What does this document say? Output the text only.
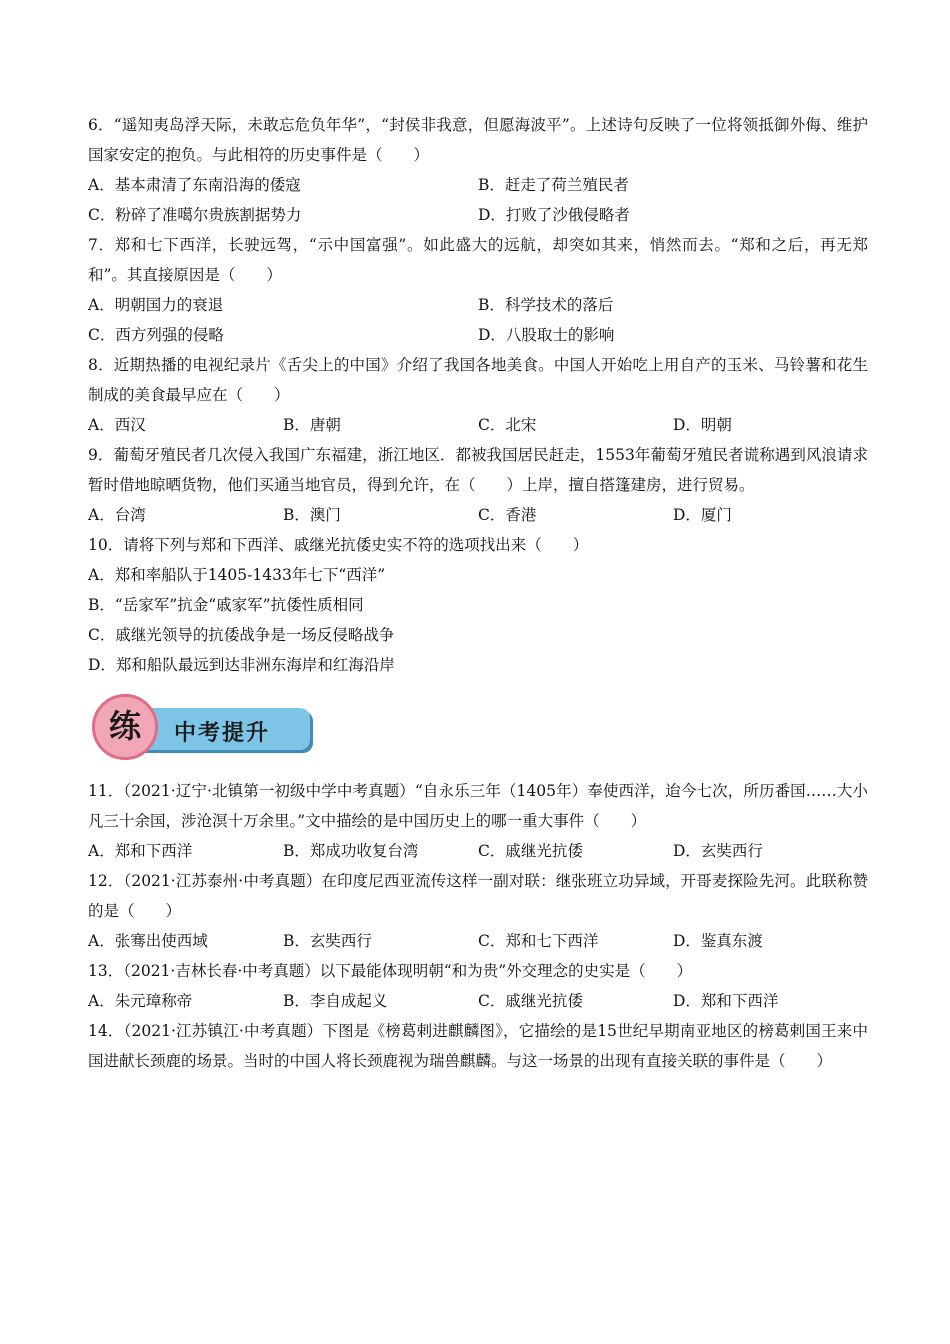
6．“遥知夷岛浮天际，未敢忘危负年华”，“封侯非我意，但愿海波平”。上述诗句反映了一位将领抵御外侮、维护国家安定的抱负。与此相符的历史事件是（　　）
A．基本肃清了东南沿海的倭寇	B．赶走了荷兰殖民者
C．粉碎了准噶尔贵族割据势力	D．打败了沙俄侵略者
7．郑和七下西洋，长驶远驾，“示中国富强”。如此盛大的远航，却突如其来，悄然而去。“郑和之后，再无郑和”。其直接原因是（　　）
A．明朝国力的衰退	B．科学技术的落后
C．西方列强的侵略	D．八股取士的影响
8．近期热播的电视纪录片《舌尖上的中国》介绍了我国各地美食。中国人开始吃上用自产的玉米、马铃薯和花生制成的美食最早应在（　　）
A．西汉	B．唐朝	C．北宋	D．明朝
9．葡萄牙殖民者几次侵入我国广东福建，浙江地区．都被我国居民赶走，1553年葡萄牙殖民者谎称遇到风浪请求暂时借地晾晒货物，他们买通当地官员，得到允许，在（　　）上岸，擅自搭篷建房，进行贸易。
A．台湾	B．澳门	C．香港	D．厦门
10．请将下列与郑和下西洋、戚继光抗倭史实不符的选项找出来（　　）
A．郑和率船队于1405-1433年七下“西洋”
B．“岳家军”抗金“戚家军”抗倭性质相同
C．戚继光领导的抗倭战争是一场反侵略战争
D．郑和船队最远到达非洲东海岸和红海沿岸
中考提升
练
11．（2021·辽宁·北镇第一初级中学中考真题）“自永乐三年（1405年）奉使西洋，迨今七次，所历番国……大小凡三十余国，涉沧溟十万余里。”文中描绘的是中国历史上的哪一重大事件（　　）
A．郑和下西洋	B．郑成功收复台湾	C．戚继光抗倭	D．玄奘西行
12．（2021·江苏泰州·中考真题）在印度尼西亚流传这样一副对联：继张班立功异域，开哥麦探险先河。此联称赞的是（　　）
A．张骞出使西域	B．玄奘西行	C．郑和七下西洋	D．鉴真东渡
13．（2021·吉林长春·中考真题）以下最能体现明朝“和为贵”外交理念的史实是（　　）
A．朱元璋称帝	B．李自成起义	C．戚继光抗倭	D．郑和下西洋
14．（2021·江苏镇江·中考真题）下图是《榜葛剌进麒麟图》，它描绘的是15世纪早期南亚地区的榜葛剌国王来中国进献长颈鹿的场景。当时的中国人将长颈鹿视为瑞兽麒麟。与这一场景的出现有直接关联的事件是（　　）
